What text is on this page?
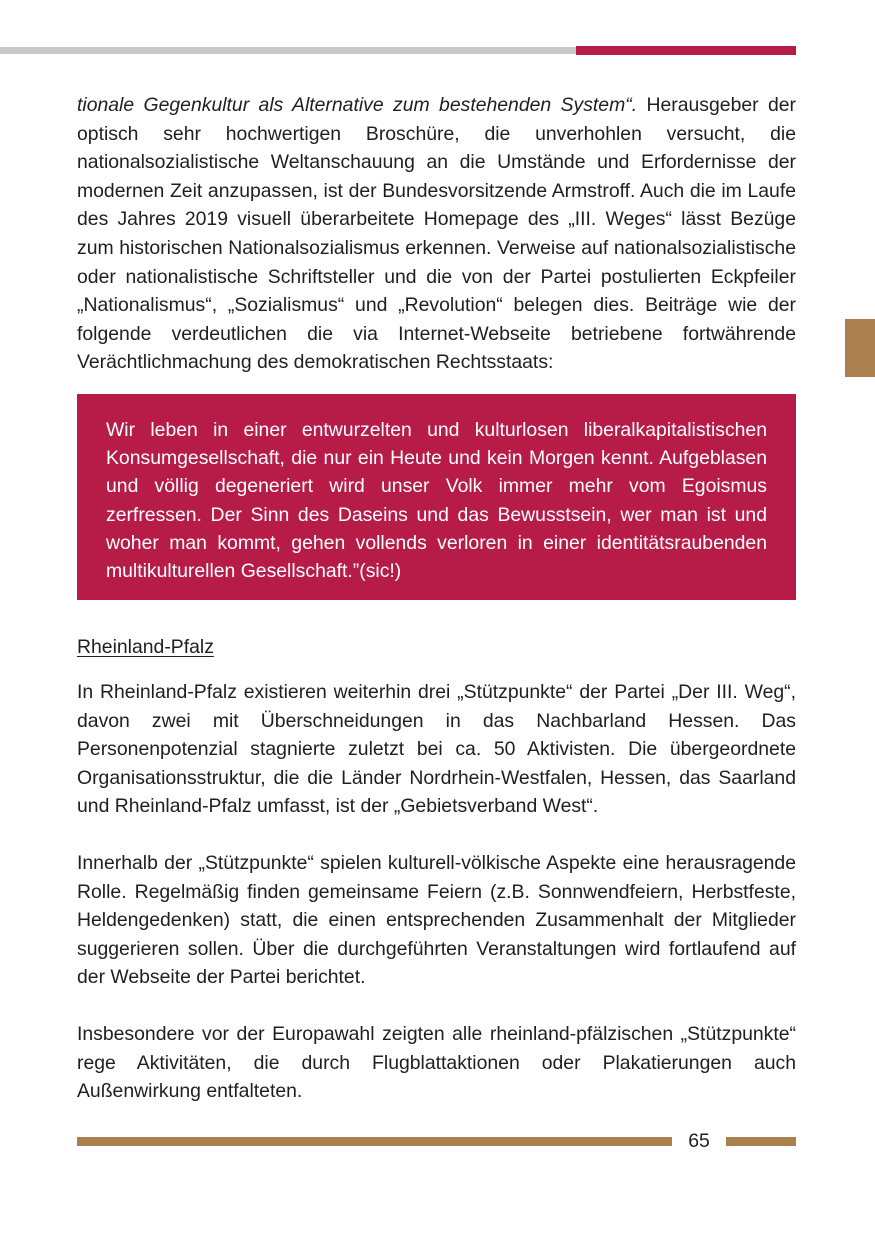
tionale Gegenkultur als Alternative zum bestehenden System“. Herausgeber der optisch sehr hochwertigen Broschüre, die unverhohlen versucht, die nationalsozialistische Weltanschauung an die Umstände und Erfordernisse der modernen Zeit anzupassen, ist der Bundesvorsitzende Armstroff. Auch die im Laufe des Jahres 2019 visuell überarbeitete Homepage des „III. Weges“ lässt Bezüge zum historischen Nationalsozialismus erkennen. Verweise auf nationalsozialistische oder nationalistische Schriftsteller und die von der Partei postulierten Eckpfeiler „Nationalismus“, „Sozialismus“ und „Revolution“ belegen dies. Beiträge wie der folgende verdeutlichen die via Internet-Webseite betriebene fortwährende Verächtlichmachung des demokratischen Rechtsstaats:

Wir leben in einer entwurzelten und kulturlosen liberalkapitalistischen Konsumgesellschaft, die nur ein Heute und kein Morgen kennt. Aufgeblasen und völlig degeneriert wird unser Volk immer mehr vom Egoismus zerfressen. Der Sinn des Daseins und das Bewusstsein, wer man ist und woher man kommt, gehen vollends verloren in einer identitätsraubenden multikulturellen Gesellschaft.”(sic!)
Rheinland-Pfalz

In Rheinland-Pfalz existieren weiterhin drei „Stützpunkte“ der Partei „Der III. Weg“, davon zwei mit Überschneidungen in das Nachbarland Hessen. Das Personenpotenzial stagnierte zuletzt bei ca. 50 Aktivisten. Die übergeordnete Organisationsstruktur, die die Länder Nordrhein-Westfalen, Hessen, das Saarland und Rheinland-Pfalz umfasst, ist der „Gebietsverband West“.

Innerhalb der „Stützpunkte“ spielen kulturell-völkische Aspekte eine herausragende Rolle. Regelmäßig finden gemeinsame Feiern (z.B. Sonnwendfeiern, Herbstfeste, Heldengedenken) statt, die einen entsprechenden Zusammenhalt der Mitglieder suggerieren sollen. Über die durchgeführten Veranstaltungen wird fortlaufend auf der Webseite der Partei berichtet.

Insbesondere vor der Europawahl zeigten alle rheinland-pfälzischen „Stützpunkte“ rege Aktivitäten, die durch Flugblattaktionen oder Plakatierungen auch Außenwirkung entfalteten.

65
